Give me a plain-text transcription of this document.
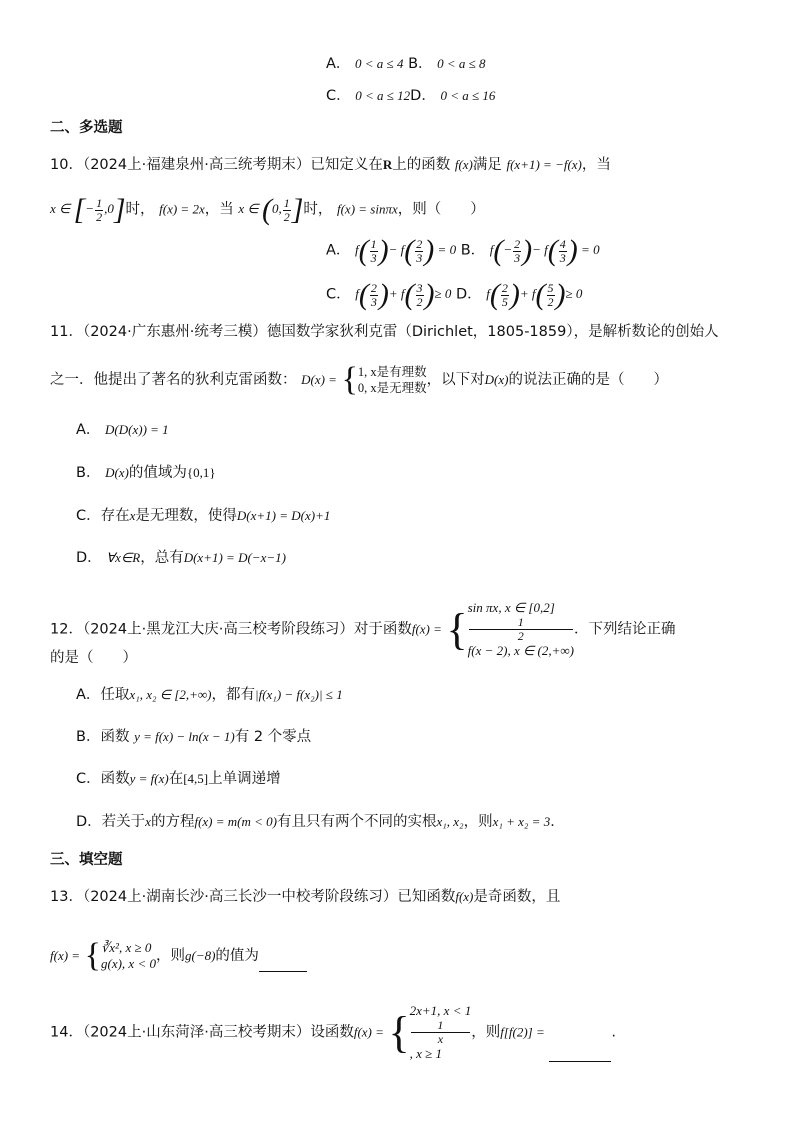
A． 0 < a ≤ 4 B． 0 < a ≤ 8
C． 0 < a ≤ 12D． 0 < a ≤ 16
二、多选题
10．（2024上·福建泉州·高三统考期末）已知定义在R上的函数 f(x)满足 f(x+1) = −f(x)，当
x ∈ [− $\frac{1}{2} ,0$]时， f(x) = 2x，当 x ∈ (0, $\frac{1}{2}$ ]时， f(x) = sinπx，则（　　）
A． $f( \frac{1}{3}$ )− $f( \frac{2}{3}$ ) = 0 B． $f(- \frac{2}{3}$ )− $f( \frac{4}{3}$ ) = 0
C． $f( \frac{2}{3}$ )+ $f( \frac{3}{2}$ )≥ 0 D． $f( \frac{2}{5}$ )+ $f( \frac{5}{2}$ )≥ 0
11．（2024·广东惠州·统考三模）德国数学家狄利克雷（Dirichlet，1805-1859），是解析数论的创始人
之一．他提出了著名的狄利克雷函数： D(x) = { 1, x是有理数
0, x是无理数 ，以下对D(x)的说法正确的是（　　）
A． D(D(x)) = 1
B． D(x)的值域为{0,1}
C．存在x是无理数，使得D(x+1) = D(x)+1
D． ∀x∈R，总有D(x+1) = D(−x−1)
12．（2024上·黑龙江大庆·高三校考阶段练习）对于函数f(x) = { sin πx, x ∈ [0,2]
1
2
f(x − 2), x ∈ (2,+∞)
．下列结论正确
的是（　　）
A．任取x₁, x₂ ∈ [2,+∞)，都有|f(x₁) − f(x₂)| ≤ 1
B．函数 y = f(x) − ln(x − 1)有 2 个零点
C．函数y = f(x)在[4,5]上单调递增
D．若关于x的方程f(x) = m(m < 0)有且只有两个不同的实根x₁, x₂，则x₁ + x₂ = 3．
三、填空题
13．（2024上·湖南长沙·高三长沙一中校考阶段练习）已知函数f(x)是奇函数，且
f(x) = { ∛x², x ≥ 0
g(x), x < 0 ，则g(−8)的值为
14．（2024上·山东菏泽·高三校考期末）设函数f(x) = { 2x+1, x < 1
1
x
, x ≥ 1
，则f[f(2)] =	.
